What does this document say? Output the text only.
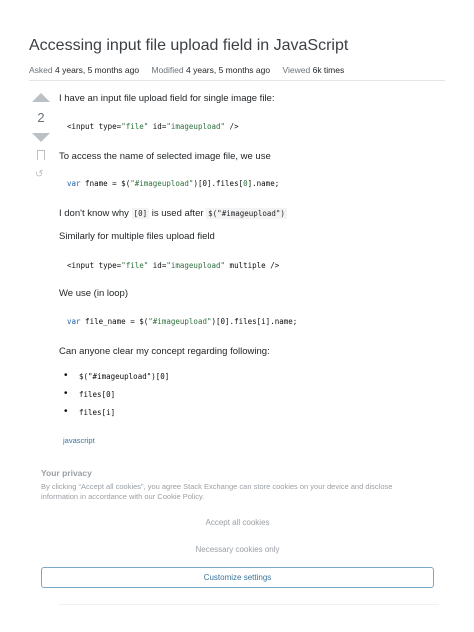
Accessing input file upload field in JavaScript
Asked 4 years, 5 months ago Modified 4 years, 5 months ago Viewed 6k times
2
↺
I have an input file upload field for single image file:
<input type="file" id="imageupload" />
To access the name of selected image file, we use
var fname = $("#imageupload")[0].files[0].name;
I don't know why [0] is used after $("#imageupload")
Similarly for multiple files upload field
<input type="file" id="imageupload" multiple />
We use (in loop)
var file_name = $("#imageupload")[0].files[i].name;
Can anyone clear my concept regarding following:
• $("#imageupload")[0]
• files[0]
• files[i]
javascript
Your privacy
By clicking “Accept all cookies”, you agree Stack Exchange can store cookies on your device and disclose information in accordance with our Cookie Policy.
Accept all cookies
Necessary cookies only
Customize settings
